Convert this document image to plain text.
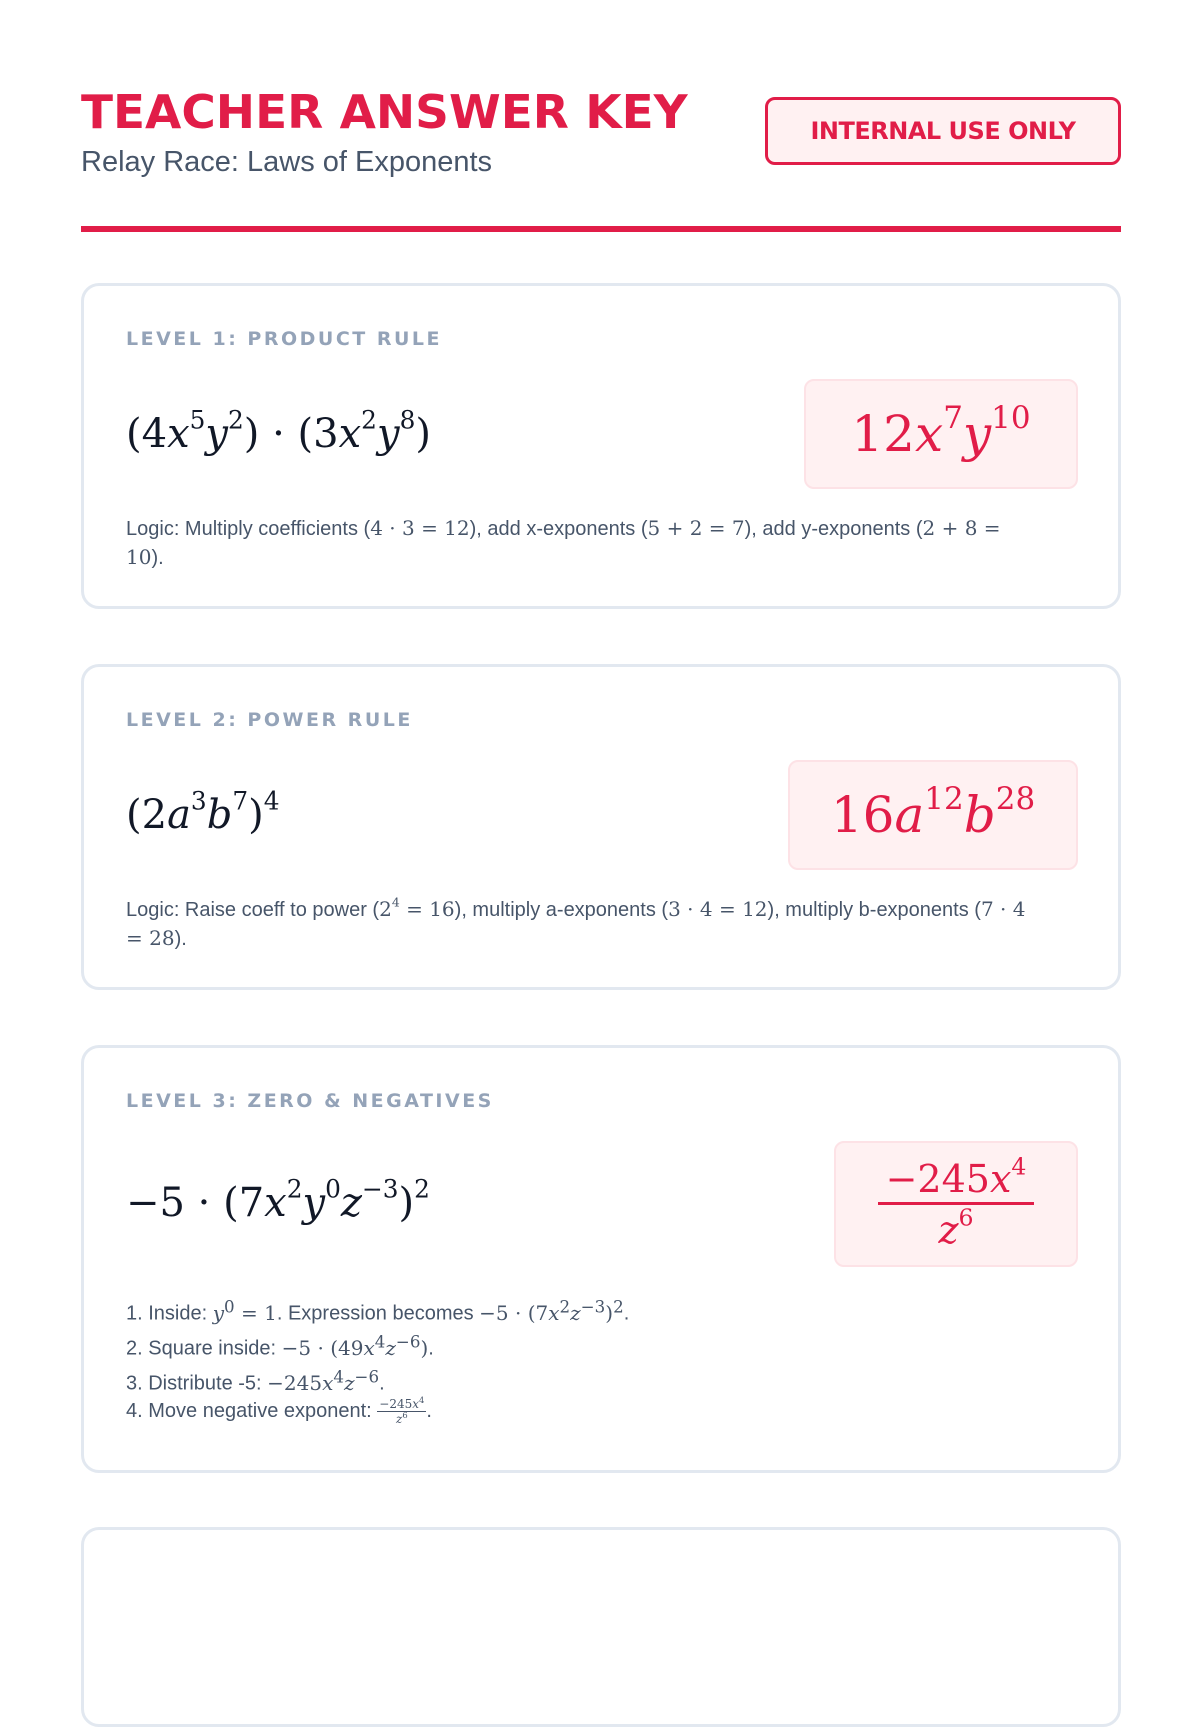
TEACHER ANSWER KEY
Relay Race: Laws of Exponents
INTERNAL USE ONLY
LEVEL 1: PRODUCT RULE
$(4x^5y^2) \cdot (3x^2y^8)$	$12x^7y^{10}$
Logic: Multiply coefficients (4 · 3 = 12), add x-exponents (5 + 2 = 7), add y-exponents (2 + 8 = 10).
LEVEL 2: POWER RULE
$(2a^3b^7)^4$	$16a^{12}b^{28}$
Logic: Raise coeff to power $(2^4 = 16)$, multiply a-exponents (3 · 4 = 12), multiply b-exponents (7 · 4 = 28).
LEVEL 3: ZERO & NEGATIVES
$-5 \cdot (7x^2y^0z^{-3})^2$	$\frac{-245x^4}{z^6}$
1. Inside: $y^0 = 1$. Expression becomes $-5 \cdot (7x^2z^{-3})^2$.
2. Square inside: $-5 \cdot (49x^4z^{-6})$.
3. Distribute -5: $-245x^4z^{-6}$.
4. Move negative exponent: $\frac{-245x^4}{z^6}$ .
